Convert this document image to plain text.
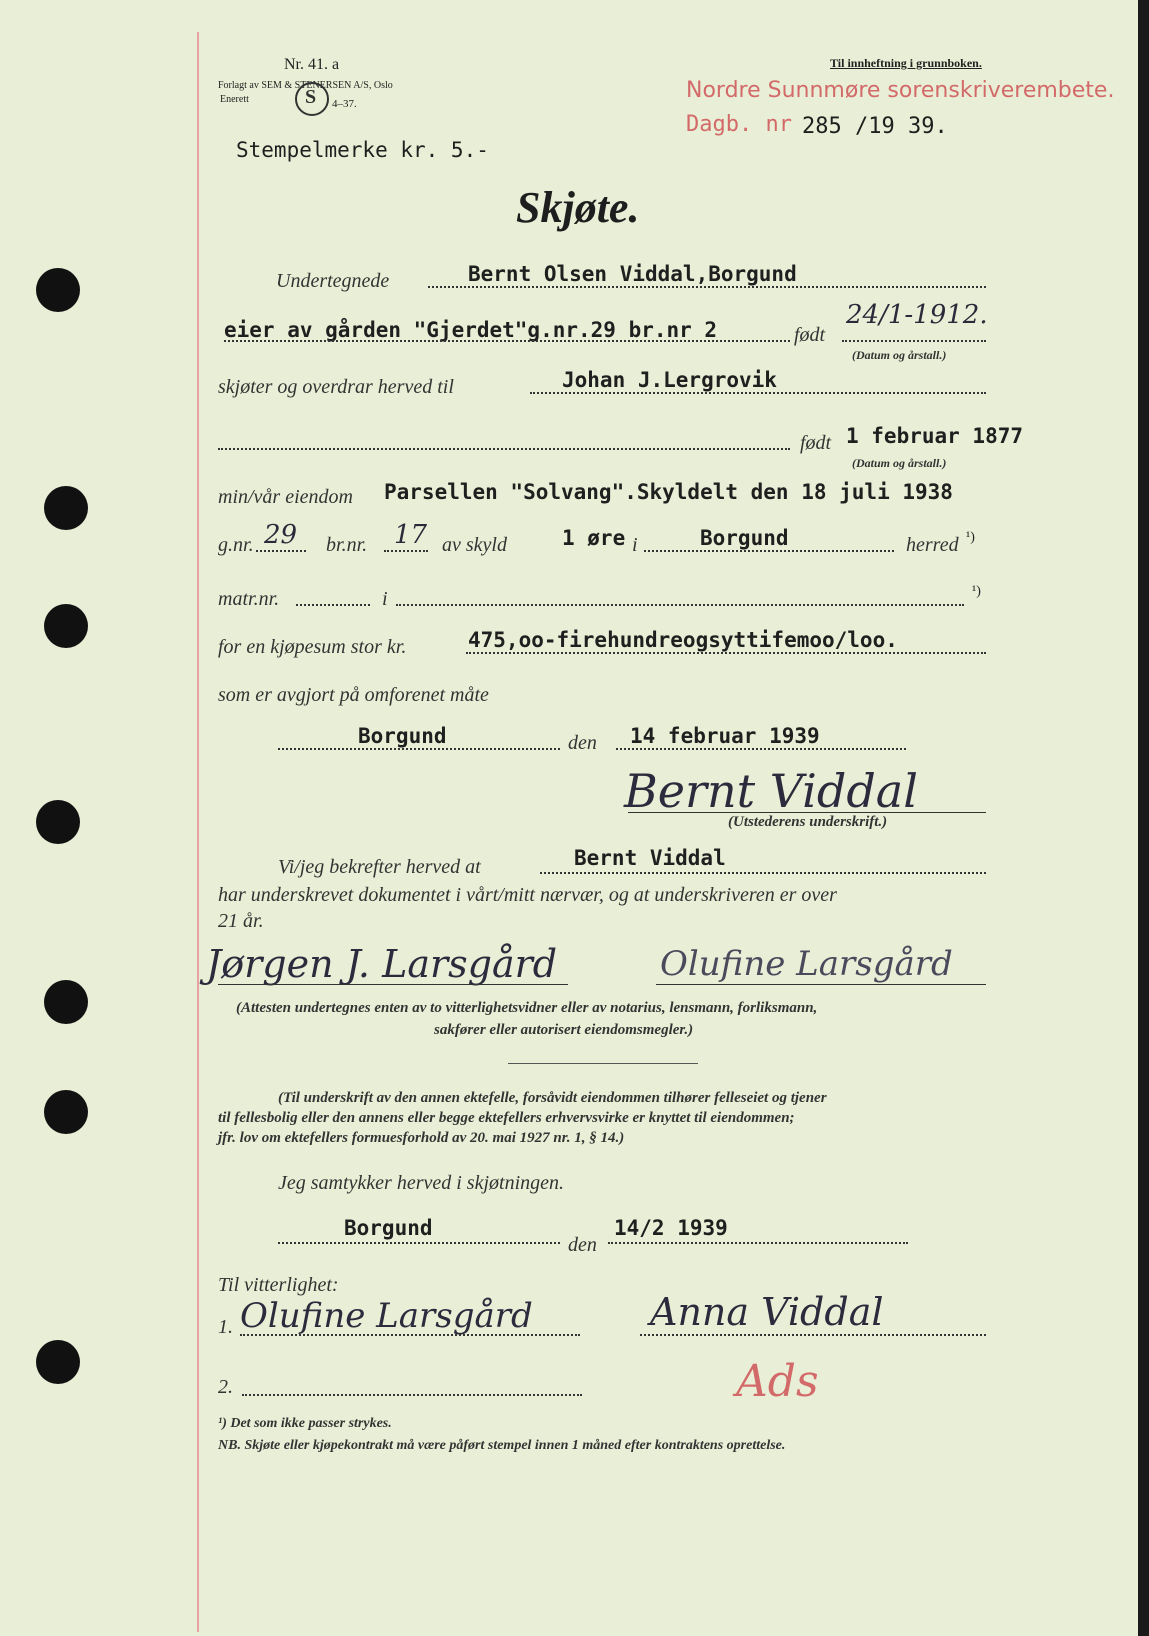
Nr. 41. a
Forlagt av SEM & STENERSEN A/S, Oslo
Enerett	S 4–37.
Til innheftning i grunnboken.
Nordre Sunnmøre sorenskriverembete.
Dagb. nr 285 /19 39.
Stempelmerke kr. 5.-
Skjøte.
Undertegnede	Bernt Olsen Viddal,Borgund
eier av gården "Gjerdet"g.nr.29 br.nr 2	født
24/1-1912.
(Datum og årstall.)
skjøter og overdrar herved til	Johan J.Lergrovik
født 1 februar 1877
(Datum og årstall.)
min/vår eiendom Parsellen "Solvang".Skyldelt den 18 juli 1938
g.nr. 29 br.nr. 17 av skyld	1 øre i	Borgund	herred ¹)
matr.nr.	i	¹)
for en kjøpesum stor kr.	475,oo-firehundreogsyttifemoo/loo.
som er avgjort på omforenet måte
Borgund	den 14 februar 1939
Bernt Viddal
(Utstederens underskrift.)
Vi/jeg bekrefter herved at	Bernt Viddal
har underskrevet dokumentet i vårt/mitt nærvær, og at underskriveren er over
21 år.
Jørgen J. Larsgård	Olufine Larsgård
(Attesten undertegnes enten av to vitterlighetsvidner eller av notarius, lensmann, forliksmann,
sakfører eller autorisert eiendomsmegler.)
(Til underskrift av den annen ektefelle, forsåvidt eiendommen tilhører felleseiet og tjener
til fellesbolig eller den annens eller begge ektefellers erhvervsvirke er knyttet til eiendommen;
jfr. lov om ektefellers formuesforhold av 20. mai 1927 nr. 1, § 14.)
Jeg samtykker herved i skjøtningen.
Borgund
den
14/2 1939
Til vitterlighet:
1. Olufine Larsgård	Anna Viddal
2.	Ads
¹) Det som ikke passer strykes.
NB. Skjøte eller kjøpekontrakt må være påført stempel innen 1 måned efter kontraktens oprettelse.
